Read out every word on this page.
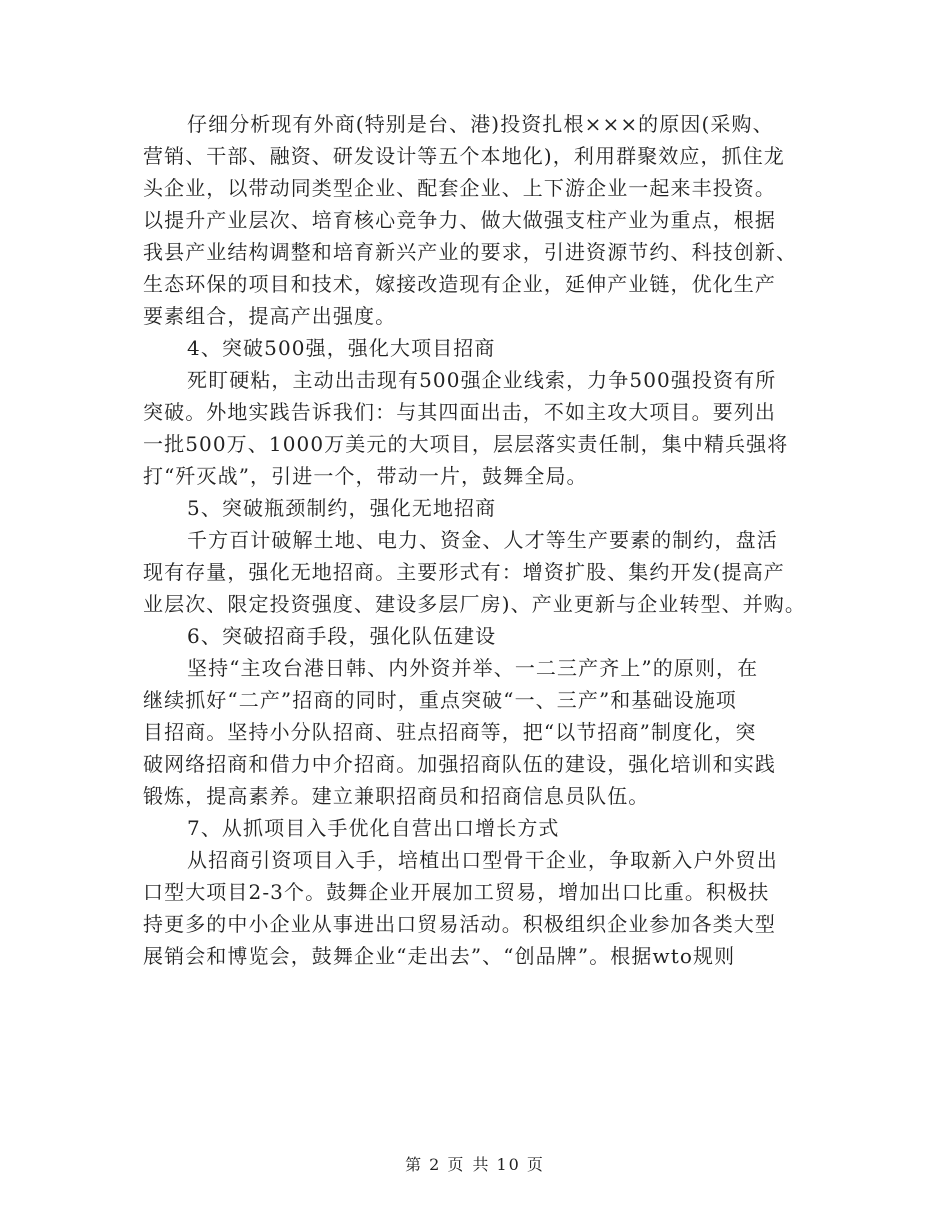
仔细分析现有外商(特别是台、港)投资扎根×××的原因(采购、
营销、干部、融资、研发设计等五个本地化)，利用群聚效应，抓住龙
头企业，以带动同类型企业、配套企业、上下游企业一起来丰投资。
以提升产业层次、培育核心竞争力、做大做强支柱产业为重点，根据
我县产业结构调整和培育新兴产业的要求，引进资源节约、科技创新、
生态环保的项目和技术，嫁接改造现有企业，延伸产业链，优化生产
要素组合，提高产出强度。
4、突破500强，强化大项目招商
死盯硬粘，主动出击现有500强企业线索，力争500强投资有所
突破。外地实践告诉我们：与其四面出击，不如主攻大项目。要列出
一批500万、1000万美元的大项目，层层落实责任制，集中精兵强将
打“歼灭战”，引进一个，带动一片，鼓舞全局。
5、突破瓶颈制约，强化无地招商
千方百计破解土地、电力、资金、人才等生产要素的制约，盘活
现有存量，强化无地招商。主要形式有：增资扩股、集约开发(提高产
业层次、限定投资强度、建设多层厂房)、产业更新与企业转型、并购。
6、突破招商手段，强化队伍建设
坚持“主攻台港日韩、内外资并举、一二三产齐上”的原则，在
继续抓好“二产”招商的同时，重点突破“一、三产”和基础设施项
目招商。坚持小分队招商、驻点招商等，把“以节招商”制度化，突
破网络招商和借力中介招商。加强招商队伍的建设，强化培训和实践
锻炼，提高素养。建立兼职招商员和招商信息员队伍。
7、从抓项目入手优化自营出口增长方式
从招商引资项目入手，培植出口型骨干企业，争取新入户外贸出
口型大项目2-3个。鼓舞企业开展加工贸易，增加出口比重。积极扶
持更多的中小企业从事进出口贸易活动。积极组织企业参加各类大型
展销会和博览会，鼓舞企业“走出去”、“创品牌”。根据wto规则
第 2 页 共 10 页
